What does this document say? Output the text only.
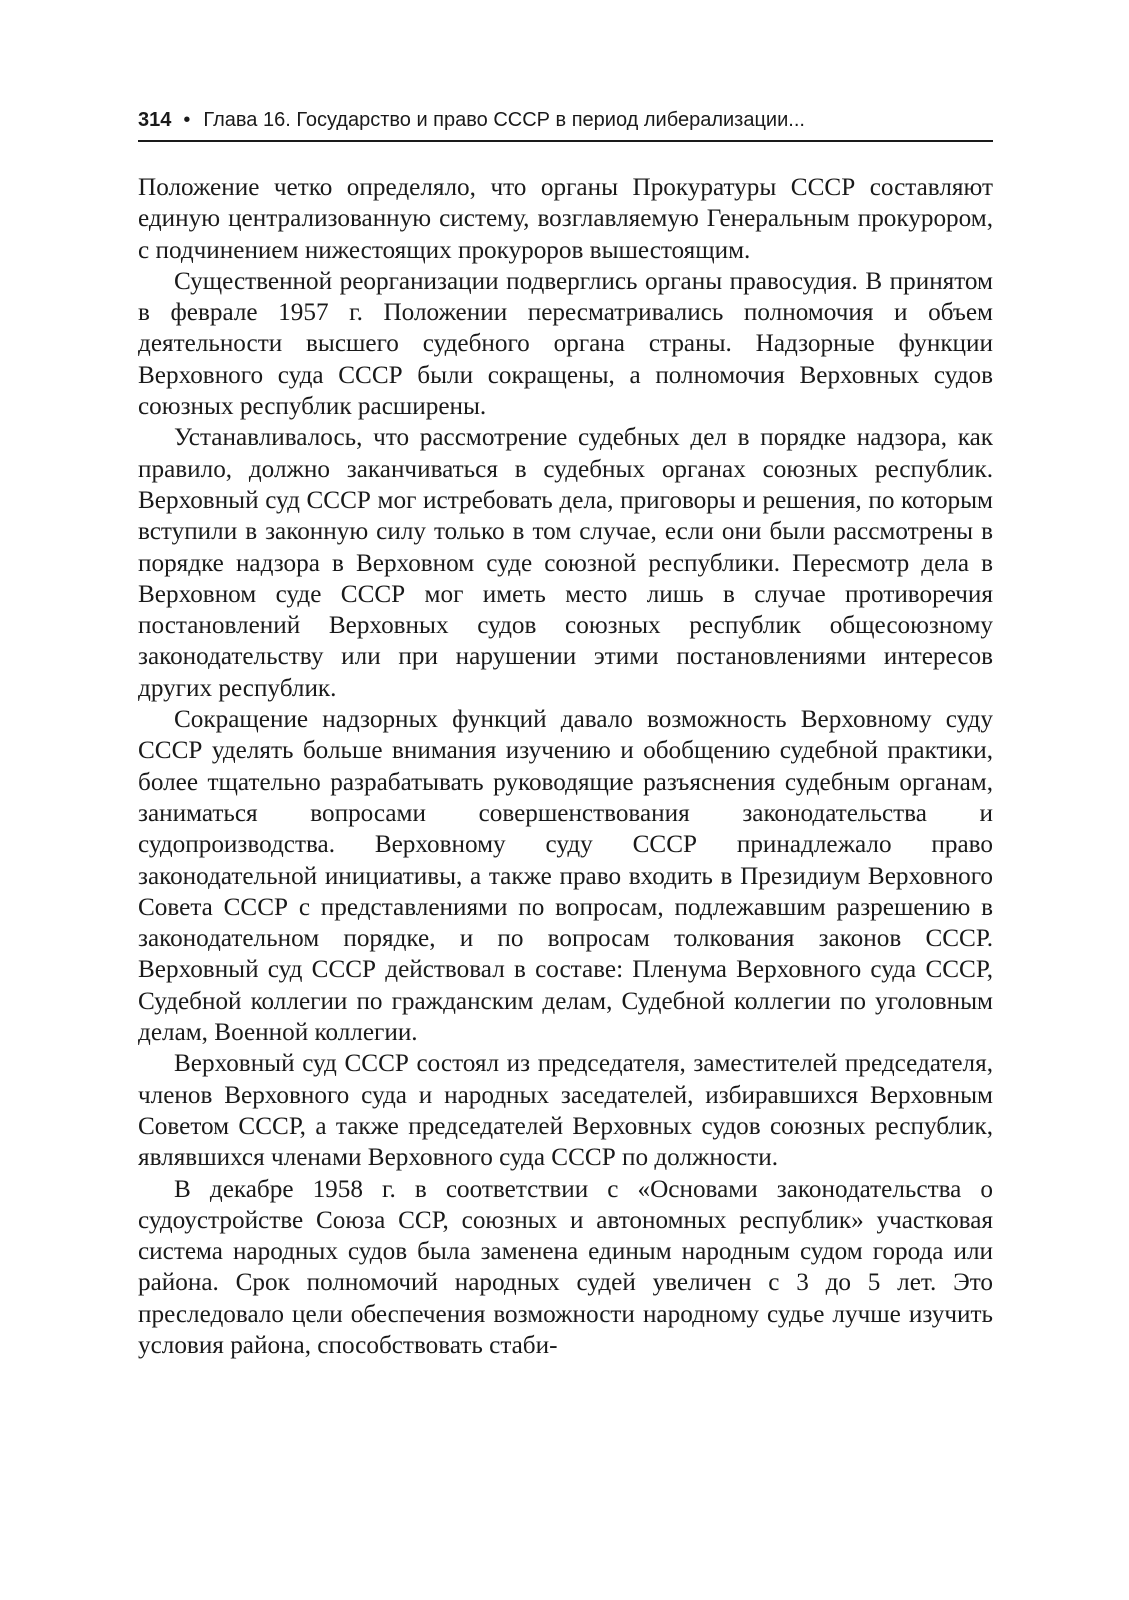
314 • Глава 16. Государство и право СССР в период либерализации...

Положение четко определяло, что органы Прокуратуры СССР составляют единую централизованную систему, возглавляемую Генеральным прокурором, с подчинением нижестоящих прокуроров вышестоящим.

Существенной реорганизации подверглись органы правосудия. В принятом в феврале 1957 г. Положении пересматривались полномочия и объем деятельности высшего судебного органа страны. Надзорные функции Верховного суда СССР были сокращены, а полномочия Верховных судов союзных республик расширены.

Устанавливалось, что рассмотрение судебных дел в порядке надзора, как правило, должно заканчиваться в судебных органах союзных республик. Верховный суд СССР мог истребовать дела, приговоры и решения, по которым вступили в законную силу только в том случае, если они были рассмотрены в порядке надзора в Верховном суде союзной республики. Пересмотр дела в Верховном суде СССР мог иметь место лишь в случае противоречия постановлений Верховных судов союзных республик общесоюзному законодательству или при нарушении этими постановлениями интересов других республик.

Сокращение надзорных функций давало возможность Верховному суду СССР уделять больше внимания изучению и обобщению судебной практики, более тщательно разрабатывать руководящие разъяснения судебным органам, заниматься вопросами совершенствования законодательства и судопроизводства. Верховному суду СССР принадлежало право законодательной инициативы, а также право входить в Президиум Верховного Совета СССР с представлениями по вопросам, подлежавшим разрешению в законодательном порядке, и по вопросам толкования законов СССР. Верховный суд СССР действовал в составе: Пленума Верховного суда СССР, Судебной коллегии по гражданским делам, Судебной коллегии по уголовным делам, Военной коллегии.

Верховный суд СССР состоял из председателя, заместителей председателя, членов Верховного суда и народных заседателей, избиравшихся Верховным Советом СССР, а также председателей Верховных судов союзных республик, являвшихся членами Верховного суда СССР по должности.

В декабре 1958 г. в соответствии с «Основами законодательства о судоустройстве Союза ССР, союзных и автономных республик» участковая система народных судов была заменена единым народным судом города или района. Срок полномочий народных судей увеличен с 3 до 5 лет. Это преследовало цели обеспечения возможности народному судье лучше изучить условия района, способствовать стаби-
